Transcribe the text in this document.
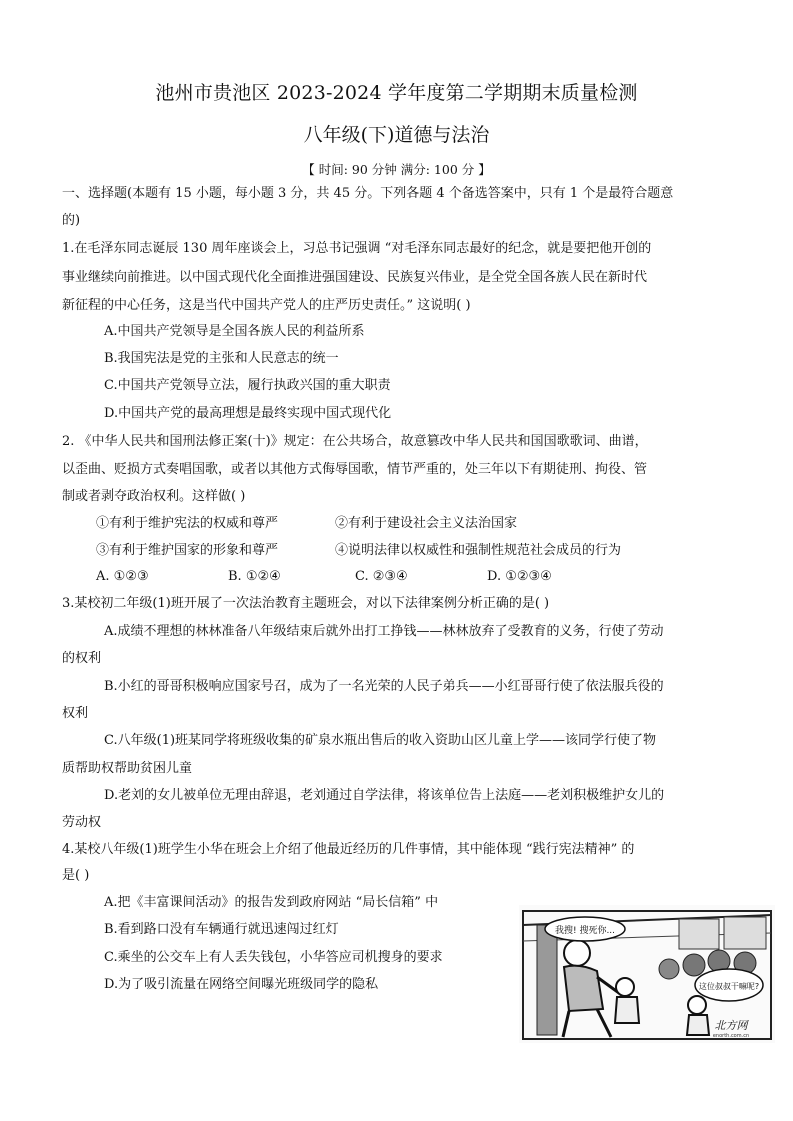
池州市贵池区 2023-2024 学年度第二学期期末质量检测
八年级(下)道德与法治
【 时间: 90 分钟 满分: 100 分 】
一、选择题(本题有 15 小题，每小题 3 分，共 45 分。下列各题 4 个备选答案中，只有 1 个是最符合题意
的)
1.在毛泽东同志诞辰 130 周年座谈会上，习总书记强调 “对毛泽东同志最好的纪念，就是要把他开创的
事业继续向前推进。以中国式现代化全面推进强国建设、民族复兴伟业，是全党全国各族人民在新时代
新征程的中心任务，这是当代中国共产党人的庄严历史责任。” 这说明( )
A.中国共产党领导是全国各族人民的利益所系
B.我国宪法是党的主张和人民意志的统一
C.中国共产党领导立法，履行执政兴国的重大职责
D.中国共产党的最高理想是最终实现中国式现代化
2. 《中华人民共和国刑法修正案(十)》规定：在公共场合，故意篡改中华人民共和国国歌歌词、曲谱，
以歪曲、贬损方式奏唱国歌，或者以其他方式侮辱国歌，情节严重的，处三年以下有期徒刑、拘役、管
制或者剥夺政治权利。这样做( )
①有利于维护宪法的权威和尊严	②有利于建设社会主义法治国家
③有利于维护国家的形象和尊严	④说明法律以权威性和强制性规范社会成员的行为
A. ①②③	B. ①②④	C. ②③④	D. ①②③④
3.某校初二年级(1)班开展了一次法治教育主题班会，对以下法律案例分析正确的是( )
A.成绩不理想的林林准备八年级结束后就外出打工挣钱——林林放弃了受教育的义务，行使了劳动
的权利
B.小红的哥哥积极响应国家号召，成为了一名光荣的人民子弟兵——小红哥哥行使了依法服兵役的
权利
C.八年级(1)班某同学将班级收集的矿泉水瓶出售后的收入资助山区儿童上学——该同学行使了物
质帮助权帮助贫困儿童
D.老刘的女儿被单位无理由辞退，老刘通过自学法律，将该单位告上法庭——老刘积极维护女儿的
劳动权
4.某校八年级(1)班学生小华在班会上介绍了他最近经历的几件事情，其中能体现 “践行宪法精神” 的
是( )
A.把《丰富课间活动》的报告发到政府网站 “局长信箱” 中
B.看到路口没有车辆通行就迅速闯过红灯
C.乘坐的公交车上有人丢失钱包，小华答应司机搜身的要求
D.为了吸引流量在网络空间曝光班级同学的隐私
我搜! 搜死你...
这位叔叔干嘛呢?
北方网
enorth.com.cn
